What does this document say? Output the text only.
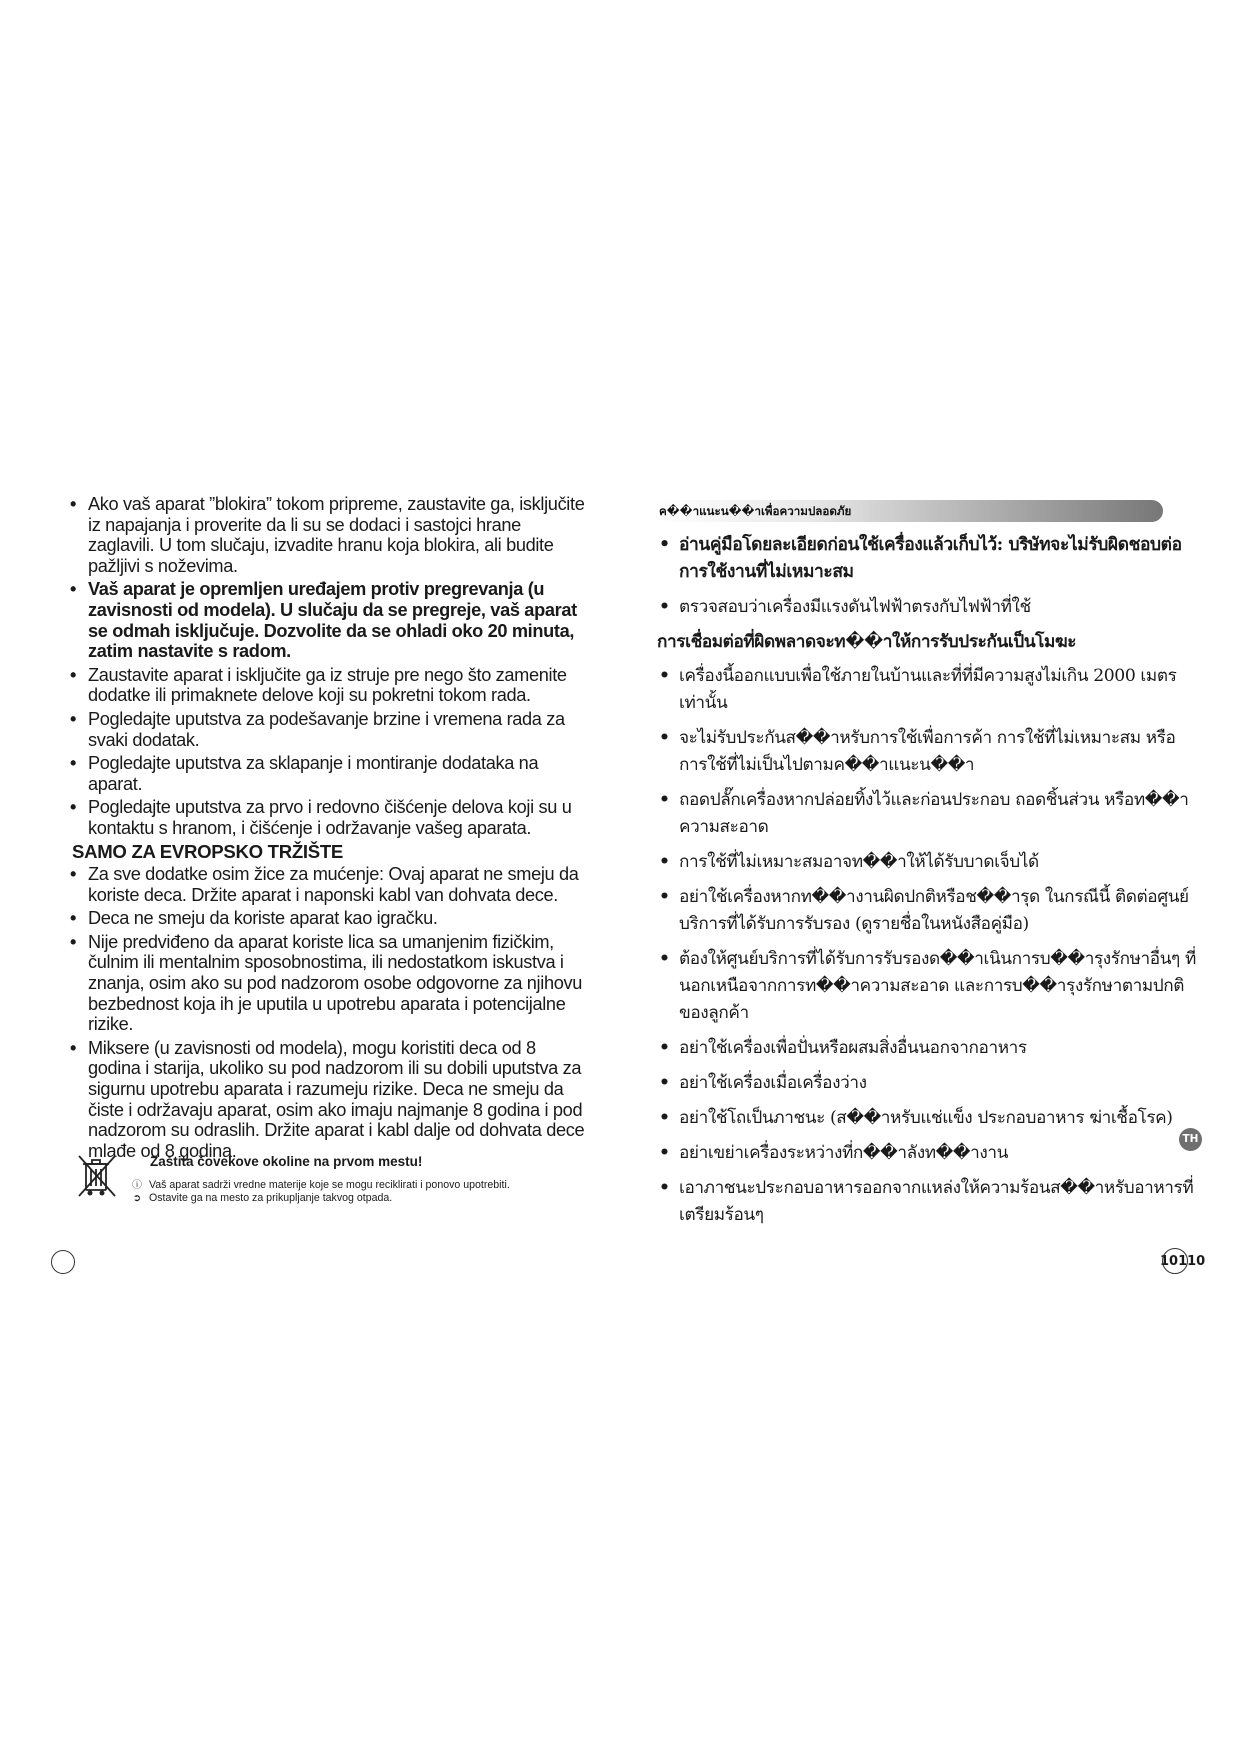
• Ako vaš aparat ”blokira” tokom pripreme, zaustavite ga, isključite iz napajanja i proverite da li su se dodaci i sastojci hrane zaglavili. U tom slučaju, izvadite hranu koja blokira, ali budite pažljivi s noževima.
• Vaš aparat je opremljen uređajem protiv pregrevanja (u zavisnosti od modela). U slučaju da se pregreje, vaš aparat se odmah isključuje. Dozvolite da se ohladi oko 20 minuta, zatim nastavite s radom.
• Zaustavite aparat i isključite ga iz struje pre nego što zamenite dodatke ili primaknete delove koji su pokretni tokom rada.
• Pogledajte uputstva za podešavanje brzine i vremena rada za svaki dodatak.
• Pogledajte uputstva za sklapanje i montiranje dodataka na aparat.
• Pogledajte uputstva za prvo i redovno čišćenje delova koji su u kontaktu s hranom, i čišćenje i održavanje vašeg aparata.
SAMO ZA EVROPSKO TRŽIŠTE
• Za sve dodatke osim žice za mućenje: Ovaj aparat ne smeju da koriste deca. Držite aparat i naponski kabl van dohvata dece.
• Deca ne smeju da koriste aparat kao igračku.
• Nije predviđeno da aparat koriste lica sa umanjenim fizičkim, čulnim ili mentalnim sposobnostima, ili nedostatkom iskustva i znanja, osim ako su pod nadzorom osobe odgovorne za njihovu bezbednost koja ih je uputila u upotrebu aparata i potencijalne rizike.
• Miksere (u zavisnosti od modela), mogu koristiti deca od 8 godina i starija, ukoliko su pod nadzorom ili su dobili uputstva za sigurnu upotrebu aparata i razumeju rizike. Deca ne smeju da čiste i održavaju aparat, osim ako imaju najmanje 8 godina i pod nadzorom su odraslih. Držite aparat i kabl dalje od dohvata dece mlađe od 8 godina.
Zaštita čovekove okoline na prvom mestu!
ⓘ Vaš aparat sadrži vredne materije koje se mogu reciklirati i ponovo upotrebiti.
➲ Ostavite ga na mesto za prikupljanje takvog otpada.
ค��าแนะน��าเพื่อความปลอดภัย
• อ่านคู่มือโดยละเอียดก่อนใช้เครื่องแล้วเก็บไว้: บริษัทจะไม่รับผิดชอบต่อการใช้งานที่ไม่เหมาะสม
• ตรวจสอบว่าเครื่องมีแรงดันไฟฟ้าตรงกับไฟฟ้าที่ใช้
การเชื่อมต่อที่ผิดพลาดจะท��าให้การรับประกันเป็นโมฆะ
• เครื่องนี้ออกแบบเพื่อใช้ภายในบ้านและที่ที่มีความสูงไม่เกิน 2000 เมตร เท่านั้น
• จะไม่รับประกันส��าหรับการใช้เพื่อการค้า การใช้ที่ไม่เหมาะสม หรือการใช้ที่ไม่เป็นไปตามค��าแนะน��า
• ถอดปลั๊กเครื่องหากปล่อยทิ้งไว้และก่อนประกอบ ถอดชิ้นส่วน หรือท��าความสะอาด
• การใช้ที่ไม่เหมาะสมอาจท��าให้ได้รับบาดเจ็บได้
• อย่าใช้เครื่องหากท��างานผิดปกติหรือช��ารุด ในกรณีนี้ ติดต่อศูนย์บริการที่ได้รับการรับรอง (ดูรายชื่อในหนังสือคู่มือ)
• ต้องให้ศูนย์บริการที่ได้รับการรับรองด��าเนินการบ��ารุงรักษาอื่นๆ ที่นอกเหนือจากการท��าความสะอาด และการบ��ารุงรักษาตามปกติของลูกค้า
• อย่าใช้เครื่องเพื่อปั่นหรือผสมสิ่งอื่นนอกจากอาหาร
• อย่าใช้เครื่องเมื่อเครื่องว่าง
• อย่าใช้โถเป็นภาชนะ (ส��าหรับแช่แข็ง ประกอบอาหาร ฆ่าเชื้อโรค)
• อย่าเขย่าเครื่องระหว่างที่ก��าลังท��างาน
• เอาภาชนะประกอบอาหารออกจากแหล่งให้ความร้อนส��าหรับอาหารที่เตรียมร้อนๆ
TH
10110
